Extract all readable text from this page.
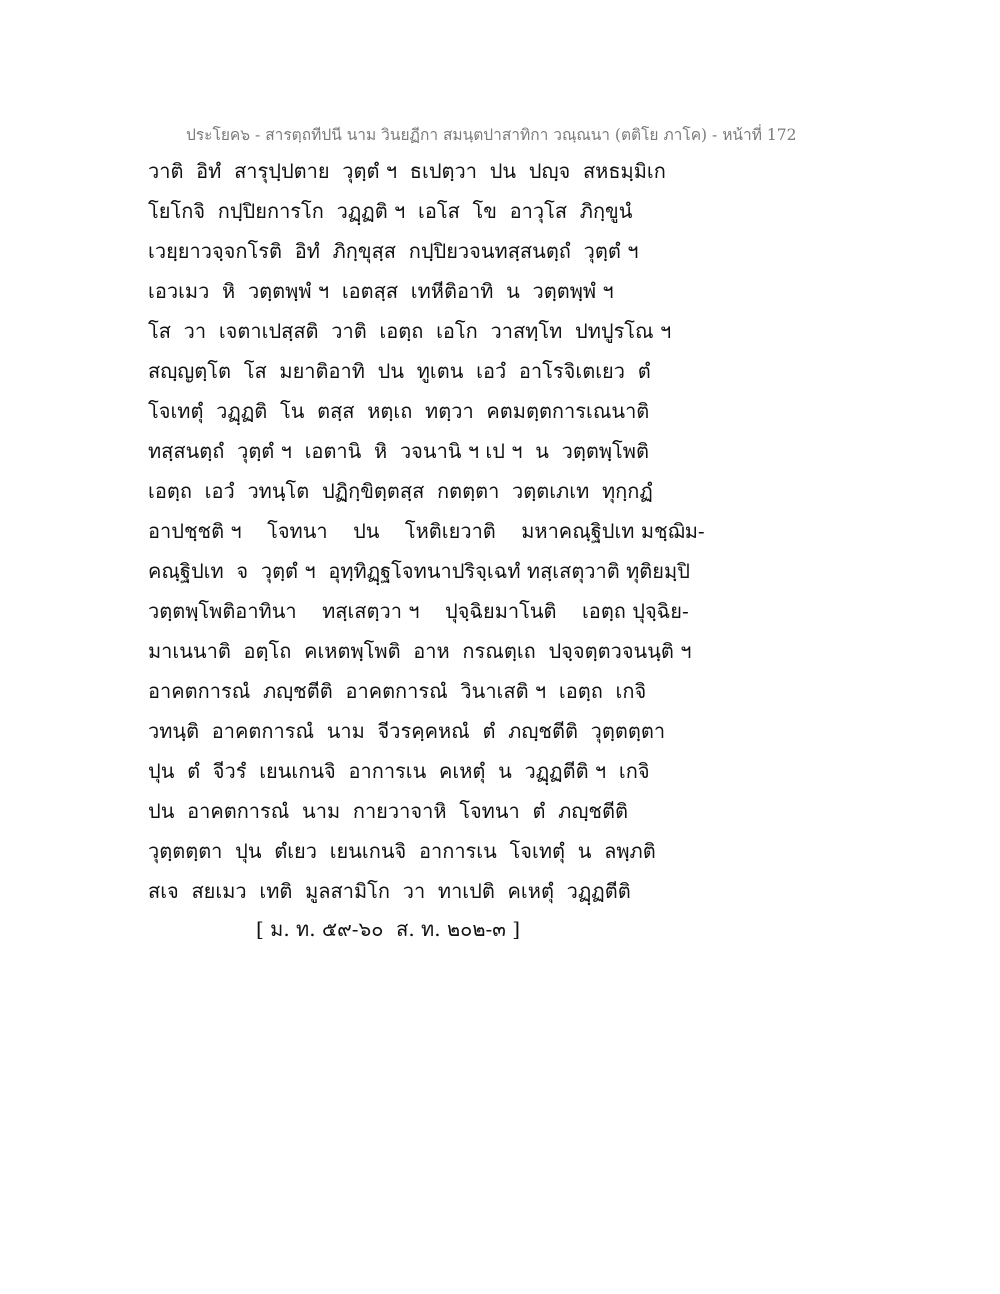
ประโยค๖ - สารตฺถทีปนี นาม วินยฏีกา สมนฺตปาสาทิกา วณฺณนา (ตติโย ภาโค) - หน้าที่ 172
วาติ  อิทํ  สารุปฺปตาย  วุตฺตํ ฯ  ธเปตฺวา  ปน  ปญฺจ  สหธมฺมิเก
โยโกจิ  กปฺปิยการโก  วฏฺฏติ ฯ  เอโส  โข  อาวุโส  ภิกฺขูนํ
เวยฺยาวจฺจกโรติ  อิทํ  ภิกฺขุสฺส  กปฺปิยวจนทสฺสนตฺถํ  วุตฺตํ ฯ
เอวเมว  หิ  วตฺตพฺพํ ฯ  เอตสฺส  เทหีติอาทิ  น  วตฺตพฺพํ ฯ
โส  วา  เจตาเปสฺสติ  วาติ  เอตฺถ  เอโก  วาสทฺโท  ปทปูรโณ ฯ
สญฺญตฺโต  โส  มยาติอาทิ  ปน  ทูเตน  เอวํ  อาโรจิเตเยว  ตํ
โจเทตุํ  วฏฺฏติ  โน  ตสฺส  หตฺเถ  ทตฺวา  คตมตฺตการเณนาติ
ทสฺสนตฺถํ  วุตฺตํ ฯ  เอตานิ  หิ  วจนานิ ฯ เป ฯ  น  วตฺตพฺโพติ
เอตฺถ  เอวํ  วทนฺโต  ปฏิกฺขิตฺตสฺส  กตตฺตา  วตฺตเภเท  ทุกฺกฏํ
อาปชฺชติ ฯ    โจทนา    ปน    โหติเยวาติ    มหาคณฺฐิปเท มชฺฌิม-
คณฺฐิปเท  จ  วุตฺตํ ฯ  อุทฺทิฏฺฐโจทนาปริจฺเฉทํ ทสฺเสตุวาติ ทุติยมฺปิ
วตฺตพฺโพติอาทินา    ทสฺเสตฺวา ฯ    ปุจฺฉิยมาโนติ    เอตฺถ ปุจฺฉิย-
มาเนนาติ  อตฺโถ  คเหตพฺโพติ  อาห  กรณตฺเถ  ปจฺจตฺตวจนนฺติ ฯ
อาคตการณํ  ภญฺชตีติ  อาคตการณํ  วินาเสติ ฯ  เอตฺถ  เกจิ
วทนฺติ  อาคตการณํ  นาม  จีวรคฺคหณํ  ตํ  ภญฺชตีติ  วุตฺตตฺตา
ปุน  ตํ  จีวรํ  เยนเกนจิ  อาการเน  คเหตุํ  น  วฏฺฏตีติ ฯ  เกจิ
ปน  อาคตการณํ  นาม  กายวาจาหิ  โจทนา  ตํ  ภญฺชตีติ
วุตฺตตฺตา  ปุน  ตํเยว  เยนเกนจิ  อาการเน  โจเทตุํ  น  ลพฺภติ
สเจ  สยเมว  เทติ  มูลสามิโก  วา  ทาเปติ  คเหตุํ  วฏฺฏตีติ
[ ม. ท. ๕๙-๖๐  ส. ท. ๒๐๒-๓ ]
